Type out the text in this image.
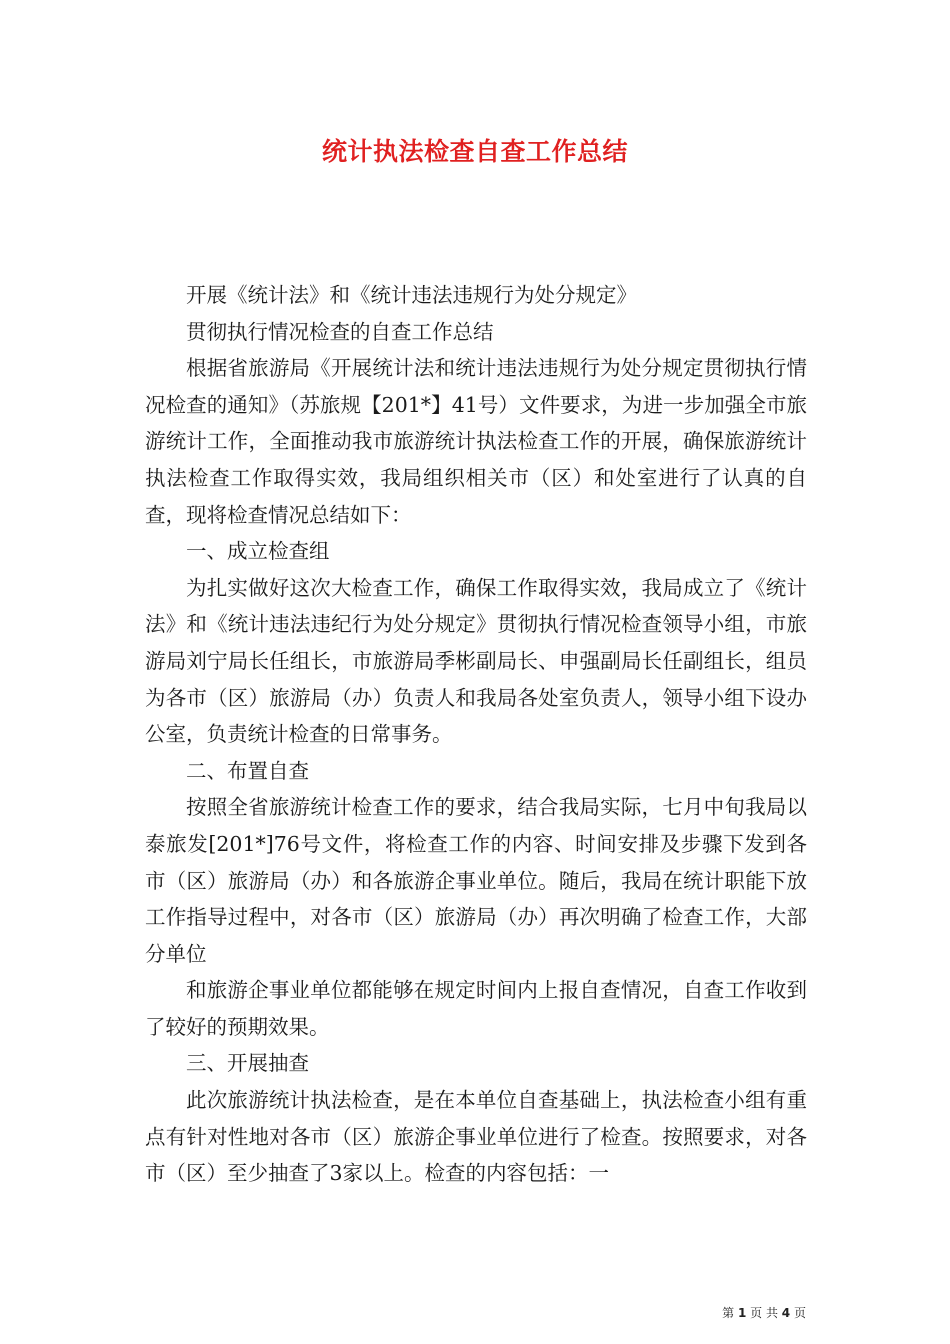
统计执法检查自查工作总结

开展《统计法》和《统计违法违规行为处分规定》

贯彻执行情况检查的自查工作总结

根据省旅游局《开展统计法和统计违法违规行为处分规定贯彻执行情况检查的通知》（苏旅规【201*】41号）文件要求，为进一步加强全市旅游统计工作，全面推动我市旅游统计执法检查工作的开展，确保旅游统计执法检查工作取得实效，我局组织相关市（区）和处室进行了认真的自查，现将检查情况总结如下：

一、成立检查组

为扎实做好这次大检查工作，确保工作取得实效，我局成立了《统计法》和《统计违法违纪行为处分规定》贯彻执行情况检查领导小组，市旅游局刘宁局长任组长，市旅游局季彬副局长、申强副局长任副组长，组员为各市（区）旅游局（办）负责人和我局各处室负责人，领导小组下设办公室，负责统计检查的日常事务。

二、布置自查

按照全省旅游统计检查工作的要求，结合我局实际，七月中旬我局以泰旅发[201*]76号文件，将检查工作的内容、时间安排及步骤下发到各市（区）旅游局（办）和各旅游企事业单位。随后，我局在统计职能下放工作指导过程中，对各市（区）旅游局（办）再次明确了检查工作，大部分单位

和旅游企事业单位都能够在规定时间内上报自查情况，自查工作收到了较好的预期效果。

三、开展抽查

此次旅游统计执法检查，是在本单位自查基础上，执法检查小组有重点有针对性地对各市（区）旅游企事业单位进行了检查。按照要求，对各市（区）至少抽查了3家以上。检查的内容包括：一

第 1 页 共 4 页
